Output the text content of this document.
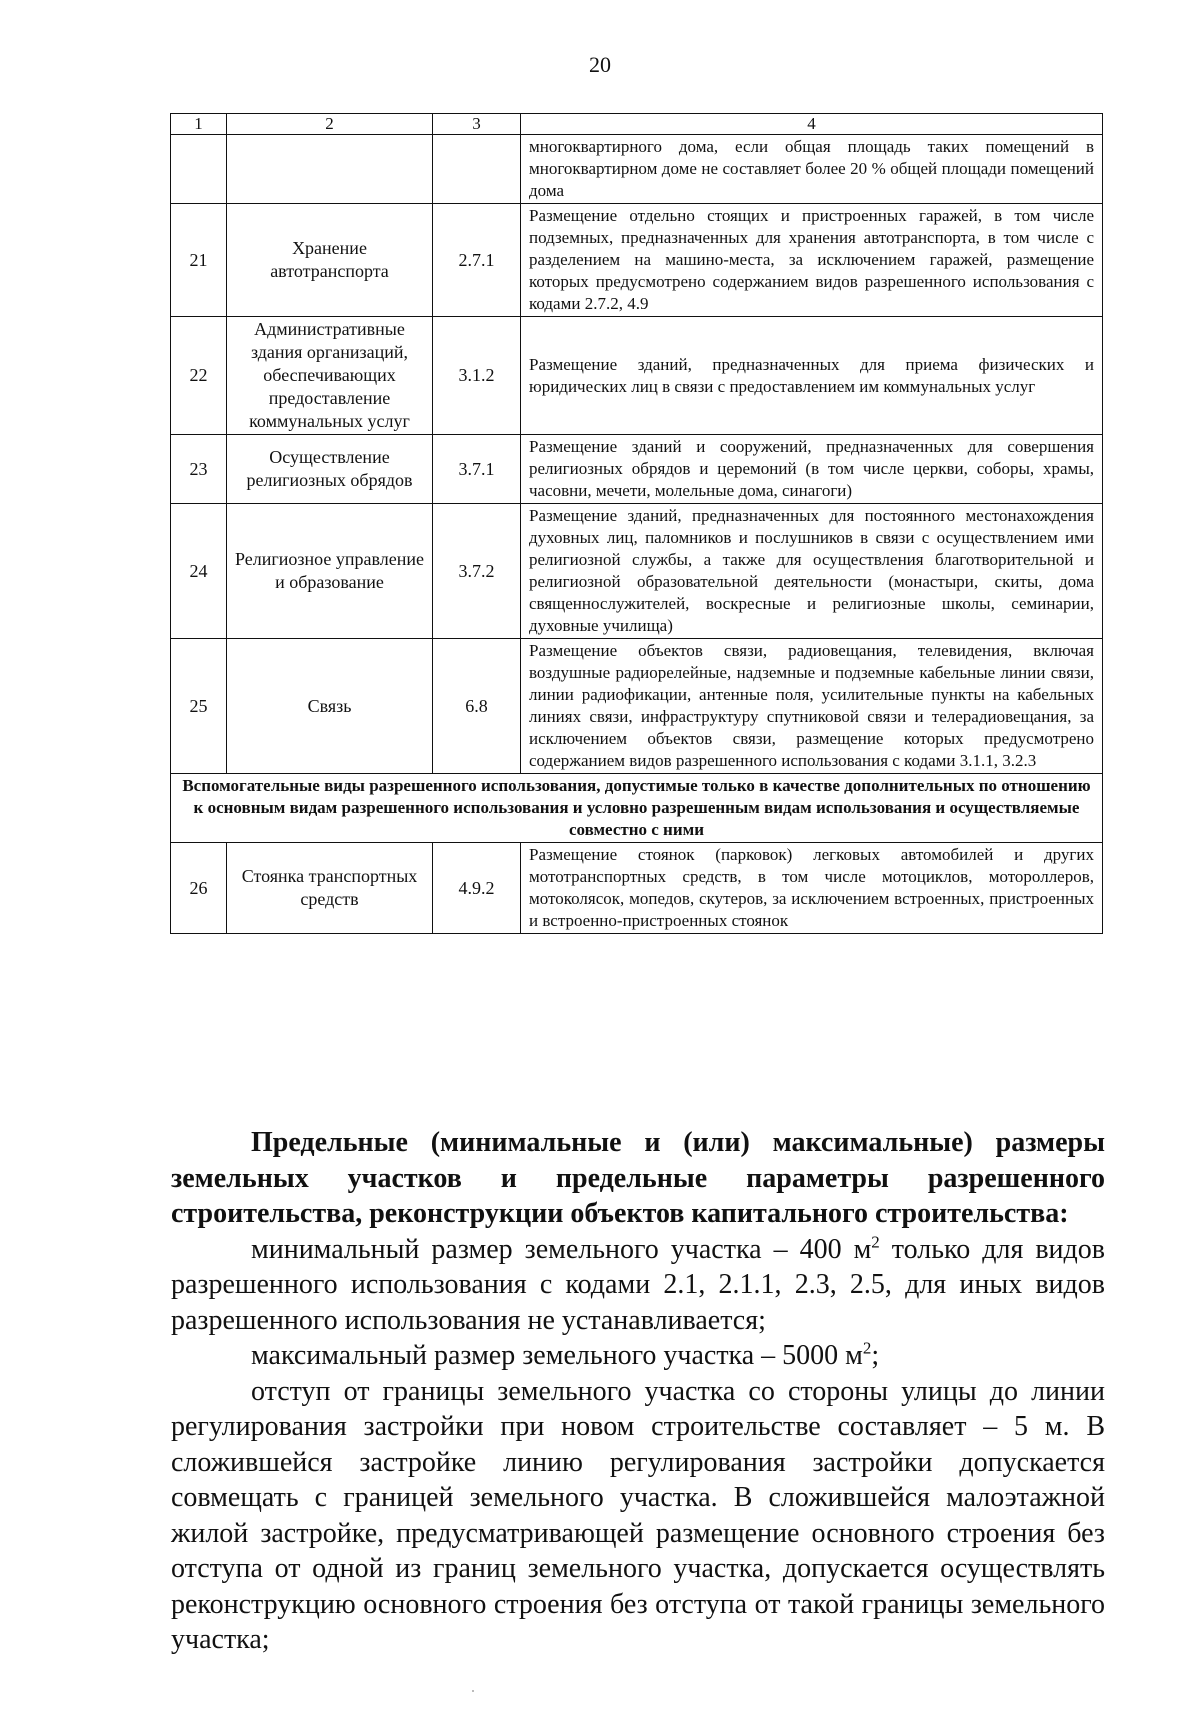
20
1	2	3	4
			многоквартирного дома, если общая площадь таких помещений в многоквартирном доме не составляет более 20 % общей площади помещений дома
21	Хранение автотранспорта	2.7.1	Размещение отдельно стоящих и пристроенных гаражей, в том числе подземных, предназначенных для хранения автотранспорта, в том числе с разделением на машино-места, за исключением гаражей, размещение которых предусмотрено содержанием видов разрешенного использования с кодами 2.7.2, 4.9
22	Административные здания организаций, обеспечивающих предоставление коммунальных услуг	3.1.2	Размещение зданий, предназначенных для приема физических и юридических лиц в связи с предоставлением им коммунальных услуг
23	Осуществление религиозных обрядов	3.7.1	Размещение зданий и сооружений, предназначенных для совершения религиозных обрядов и церемоний (в том числе церкви, соборы, храмы, часовни, мечети, молельные дома, синагоги)
24	Религиозное управление и образование	3.7.2	Размещение зданий, предназначенных для постоянного местонахождения духовных лиц, паломников и послушников в связи с осуществлением ими религиозной службы, а также для осуществления благотворительной и религиозной образовательной деятельности (монастыри, скиты, дома священнослужителей, воскресные и религиозные школы, семинарии, духовные училища)
25	Связь	6.8	Размещение объектов связи, радиовещания, телевидения, включая воздушные радиорелейные, надземные и подземные кабельные линии связи, линии радиофикации, антенные поля, усилительные пункты на кабельных линиях связи, инфраструктуру спутниковой связи и телерадиовещания, за исключением объектов связи, размещение которых предусмотрено содержанием видов разрешенного использования с кодами 3.1.1, 3.2.3
Вспомогательные виды разрешенного использования, допустимые только в качестве дополнительных по отношению к основным видам разрешенного использования и условно разрешенным видам использования и осуществляемые совместно с ними			
26	Стоянка транспортных средств	4.9.2	Размещение стоянок (парковок) легковых автомобилей и других мототранспортных средств, в том числе мотоциклов, мотороллеров, мотоколясок, мопедов, скутеров, за исключением встроенных, пристроенных и встроенно-пристроенных стоянок

Предельные (минимальные и (или) максимальные) размеры земельных участков и предельные параметры разрешенного строительства, реконструкции объектов капитального строительства:

минимальный размер земельного участка – 400 $м^2$ только для видов разрешенного использования с кодами 2.1, 2.1.1, 2.3, 2.5, для иных видов разрешенного использования не устанавливается;

максимальный размер земельного участка – 5000 $м^2$;

отступ от границы земельного участка со стороны улицы до линии регулирования застройки при новом строительстве составляет – 5 м. В сложившейся застройке линию регулирования застройки допускается совмещать с границей земельного участка. В сложившейся малоэтажной жилой застройке, предусматривающей размещение основного строения без отступа от одной из границ земельного участка, допускается осуществлять реконструкцию основного строения без отступа от такой границы земельного участка;
